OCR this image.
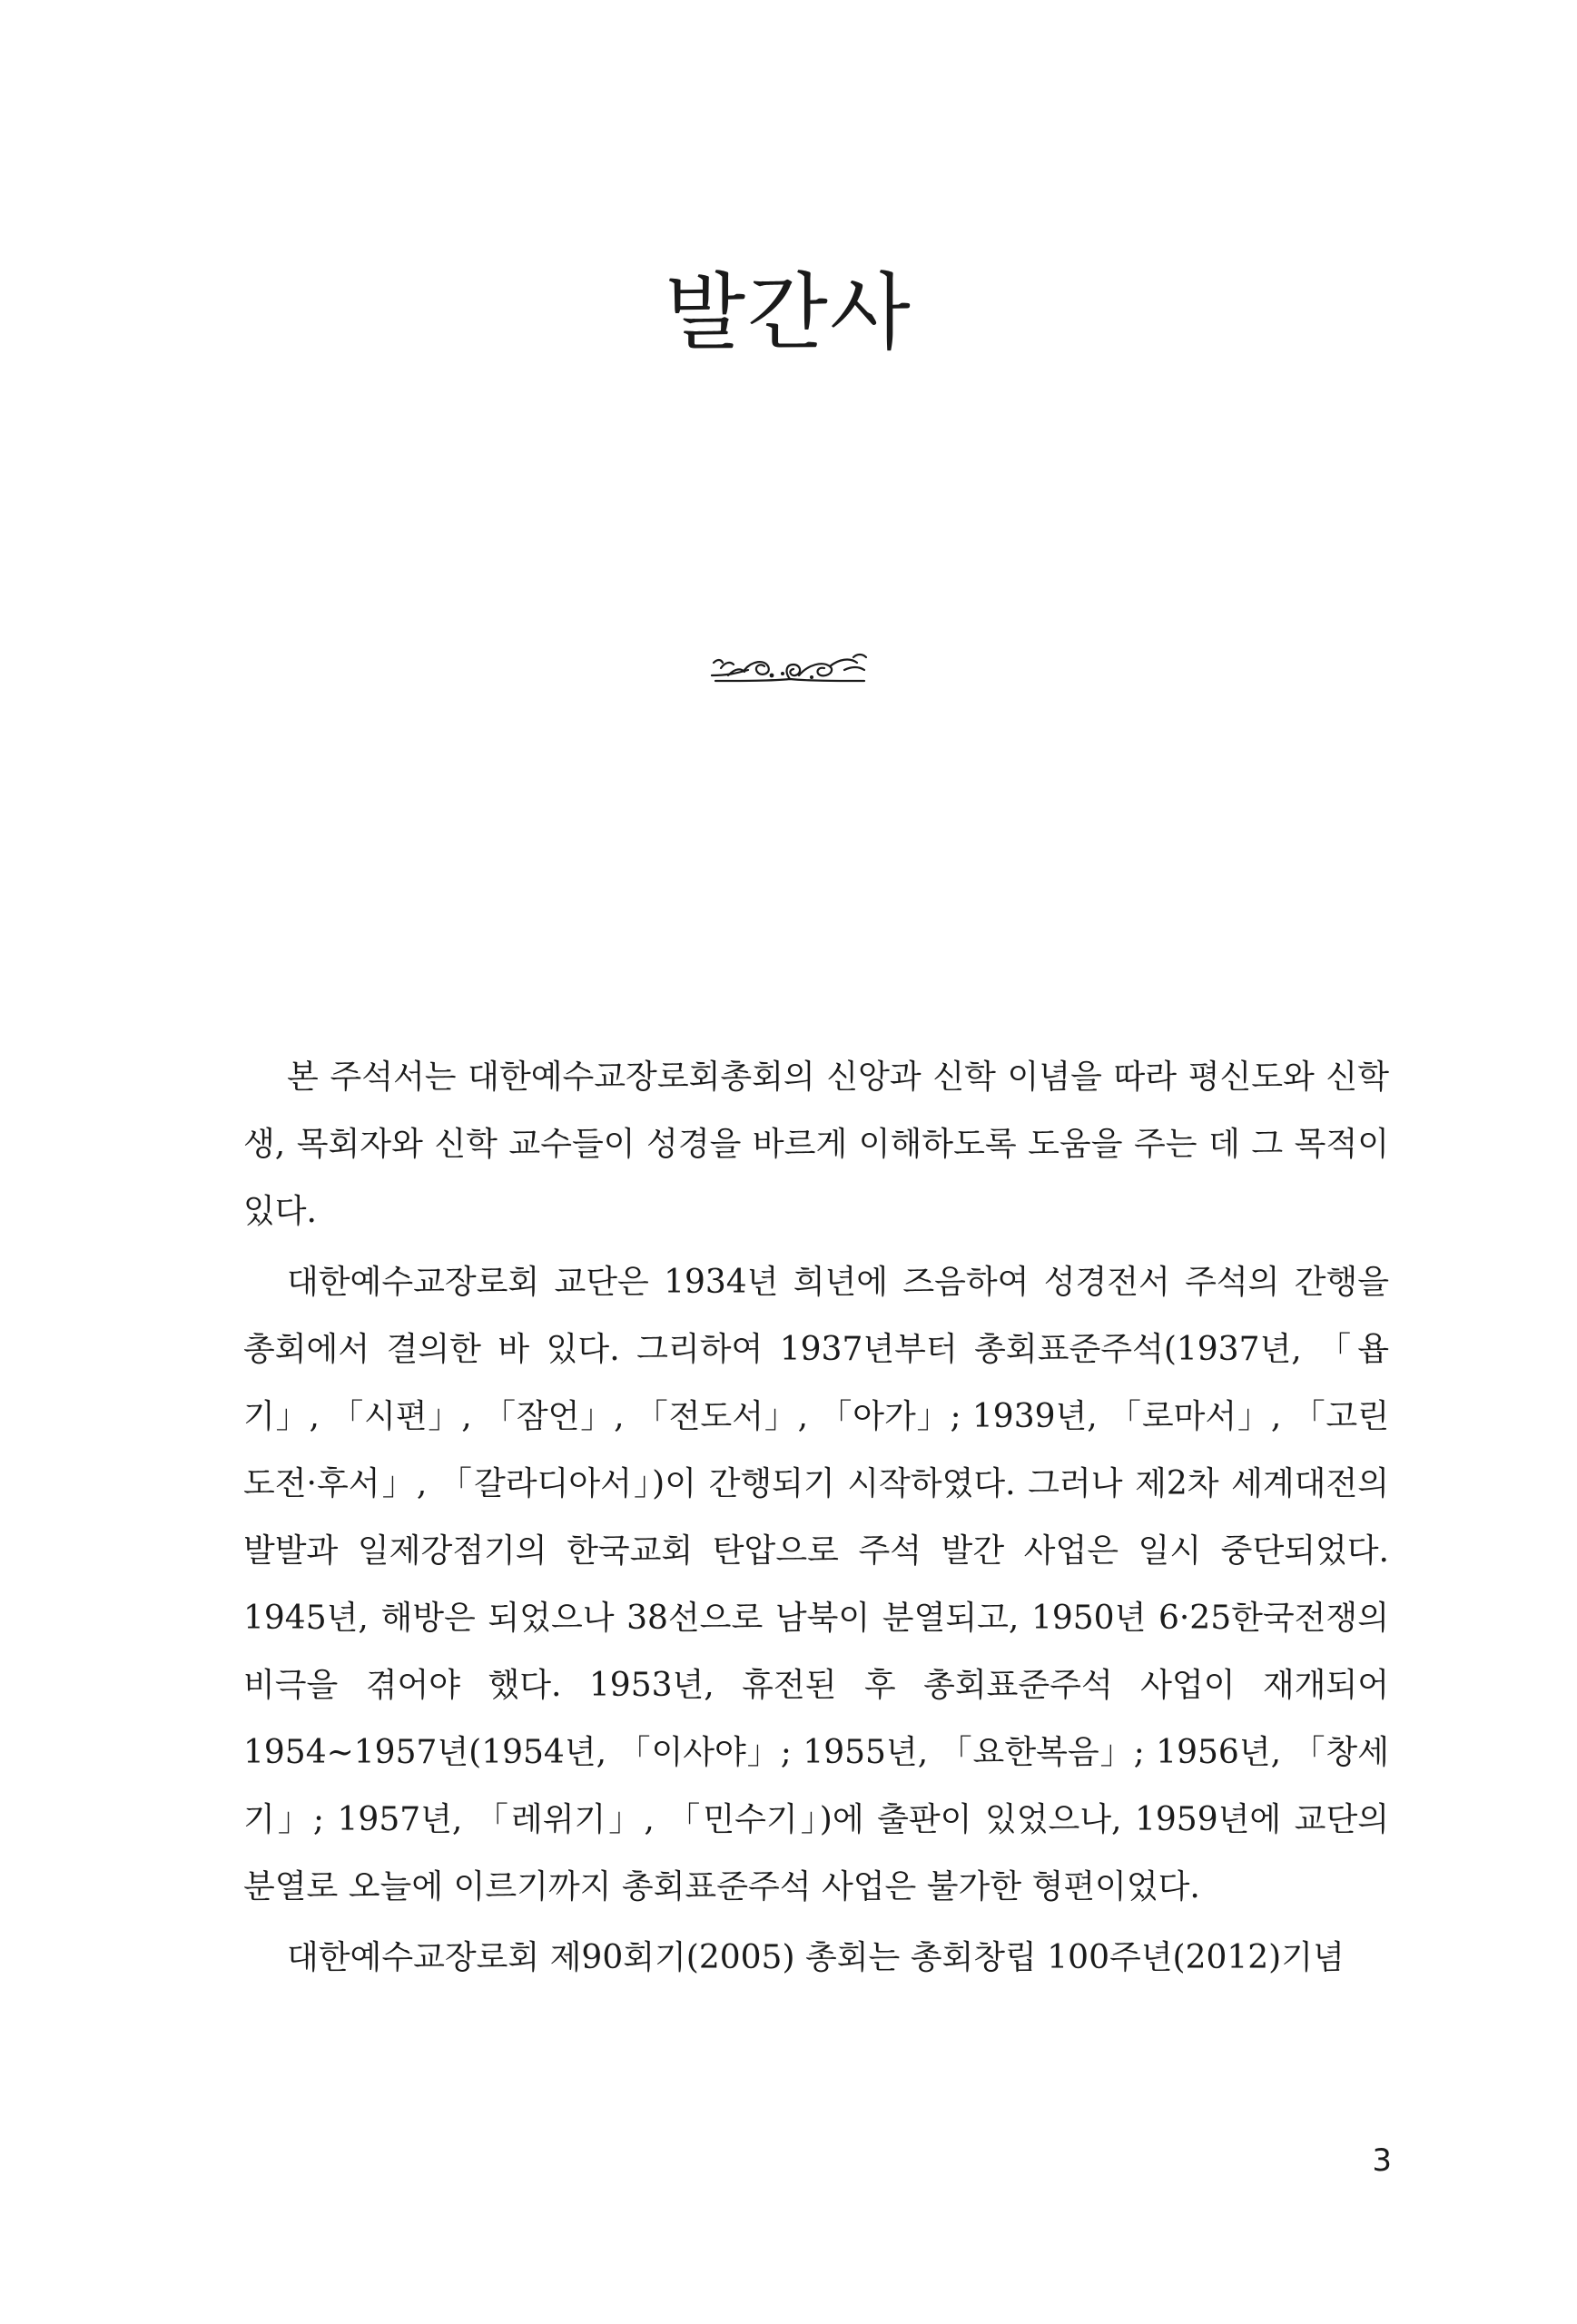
발간사

본 주석서는 대한예수교장로회총회의 신앙과 신학 이념을 따라 평신도와 신학생, 목회자와 신학 교수들이 성경을 바르게 이해하도록 도움을 주는 데 그 목적이 있다.

대한예수교장로회 교단은 1934년 희년에 즈음하여 성경전서 주석의 간행을 총회에서 결의한 바 있다. 그리하여 1937년부터 총회표준주석(1937년, 「욥기」, 「시편」, 「잠언」, 「전도서」, 「아가」; 1939년, 「로마서」, 「고린도전·후서」, 「갈라디아서」)이 간행되기 시작하였다. 그러나 제2차 세계대전의 발발과 일제강점기의 한국교회 탄압으로 주석 발간 사업은 일시 중단되었다. 1945년, 해방은 되었으나 38선으로 남북이 분열되고, 1950년 6·25한국전쟁의 비극을 겪어야 했다. 1953년, 휴전된 후 총회표준주석 사업이 재개되어 1954~1957년(1954년, 「이사야」; 1955년, 「요한복음」; 1956년, 「창세기」; 1957년, 「레위기」, 「민수기」)에 출판이 있었으나, 1959년에 교단의 분열로 오늘에 이르기까지 총회표준주석 사업은 불가한 형편이었다.

대한예수교장로회 제90회기(2005) 총회는 총회창립 100주년(2012)기념

3
